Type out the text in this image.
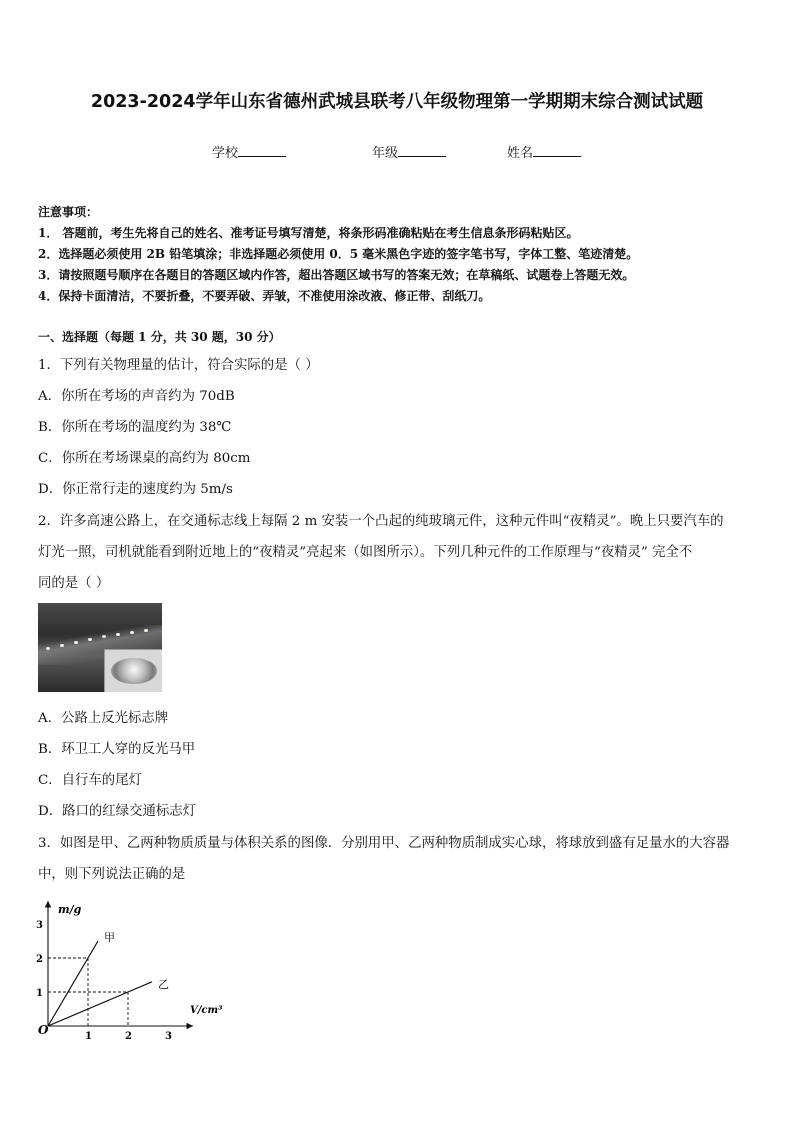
2023-2024学年山东省德州武城县联考八年级物理第一学期期末综合测试试题
学校	年级	姓名
注意事项：
1． 答题前，考生先将自己的姓名、准考证号填写清楚，将条形码准确粘贴在考生信息条形码粘贴区。
2．选择题必须使用 2B 铅笔填涂；非选择题必须使用 0．5 毫米黑色字迹的签字笔书写，字体工整、笔迹清楚。
3．请按照题号顺序在各题目的答题区域内作答，超出答题区域书写的答案无效；在草稿纸、试题卷上答题无效。
4．保持卡面清洁，不要折叠，不要弄破、弄皱，不准使用涂改液、修正带、刮纸刀。
一、选择题（每题 1 分，共 30 题，30 分）
1．下列有关物理量的估计，符合实际的是（ ）
A．你所在考场的声音约为 70dB
B．你所在考场的温度约为 38℃
C．你所在考场课桌的高约为 80cm
D．你正常行走的速度约为 5m/s
2．许多高速公路上，在交通标志线上每隔 2 m 安装一个凸起的纯玻璃元件，这种元件叫“夜精灵”。晚上只要汽车的
灯光一照，司机就能看到附近地上的“夜精灵”亮起来（如图所示）。下列几种元件的工作原理与“夜精灵” 完全不
同的是（ ）
A．公路上反光标志牌
B．环卫工人穿的反光马甲
C．自行车的尾灯
D．路口的红绿交通标志灯
3．如图是甲、乙两种物质质量与体积关系的图像．分别用甲、乙两种物质制成实心球，将球放到盛有足量水的大容器
中，则下列说法正确的是
甲
乙
1	2	3
1
2
3
m/g
V/cm³
O
